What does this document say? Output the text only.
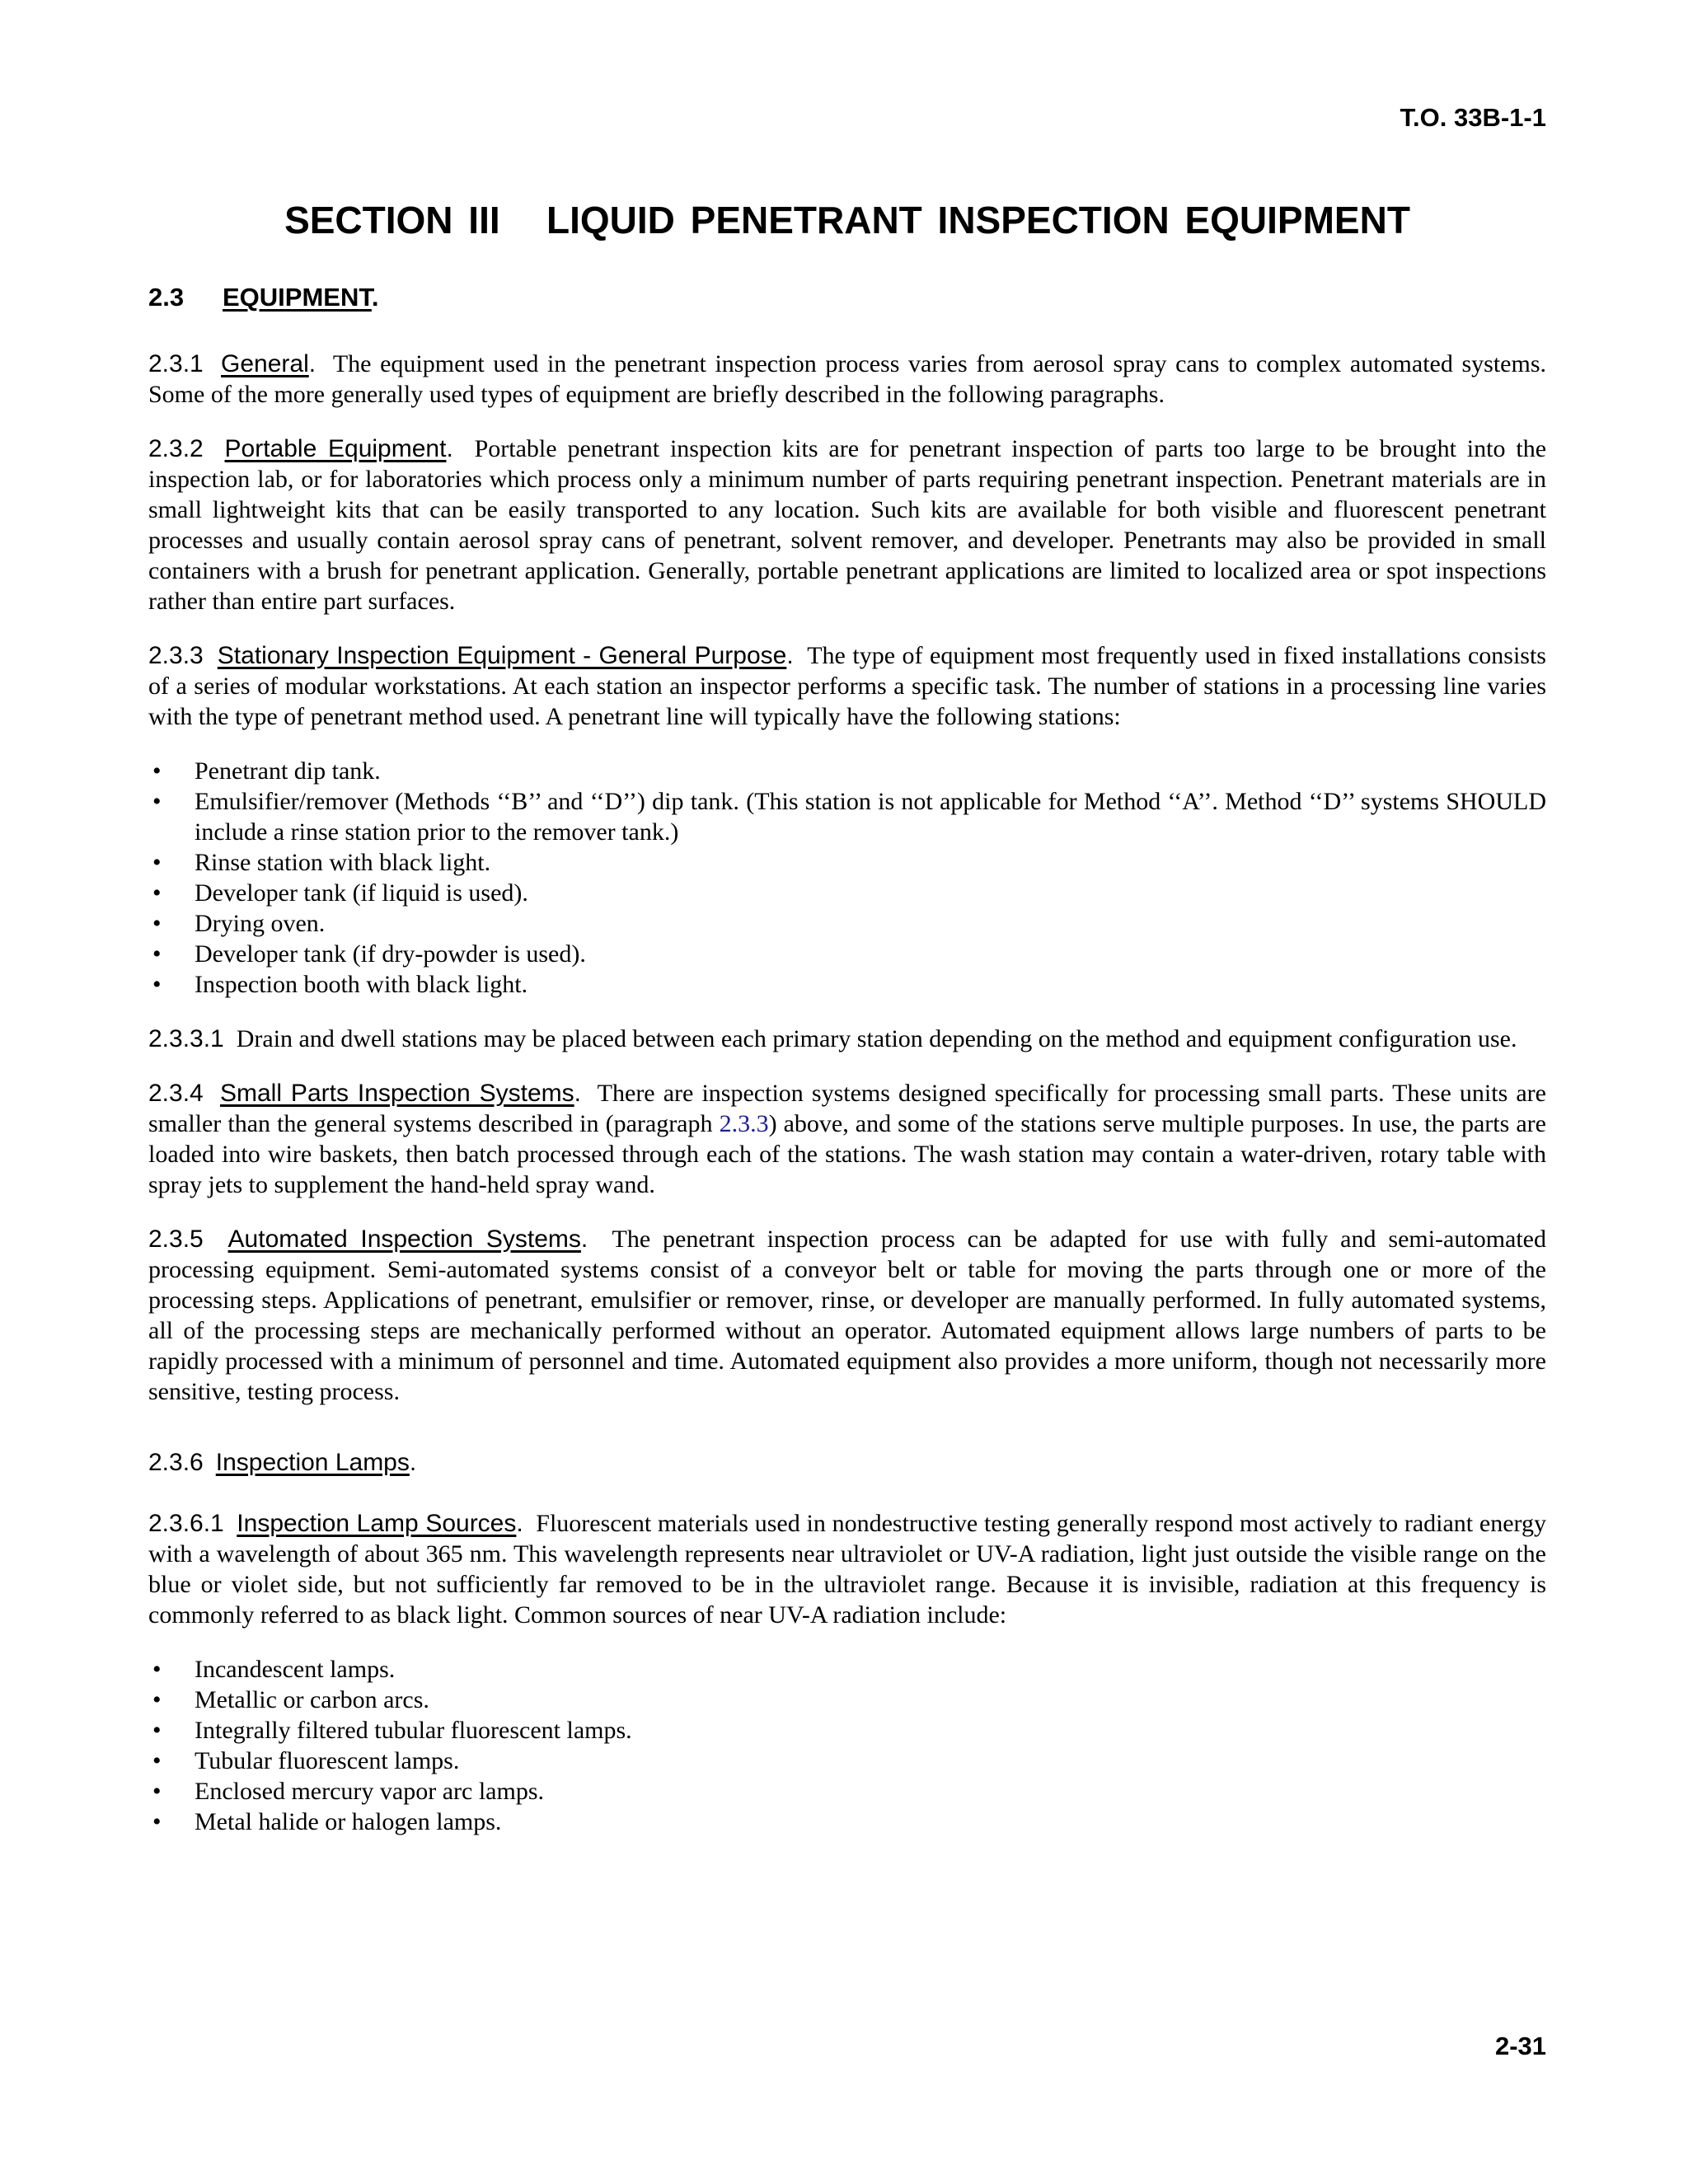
T.O. 33B-1-1
SECTION III   LIQUID PENETRANT INSPECTION EQUIPMENT
2.3 EQUIPMENT.

2.3.1 General. The equipment used in the penetrant inspection process varies from aerosol spray cans to complex automated systems. Some of the more generally used types of equipment are briefly described in the following paragraphs.

2.3.2 Portable Equipment. Portable penetrant inspection kits are for penetrant inspection of parts too large to be brought into the inspection lab, or for laboratories which process only a minimum number of parts requiring penetrant inspection. Penetrant materials are in small lightweight kits that can be easily transported to any location. Such kits are available for both visible and fluorescent penetrant processes and usually contain aerosol spray cans of penetrant, solvent remover, and developer. Penetrants may also be provided in small containers with a brush for penetrant application. Generally, portable penetrant applications are limited to localized area or spot inspections rather than entire part surfaces.

2.3.3 Stationary Inspection Equipment - General Purpose. The type of equipment most frequently used in fixed installations consists of a series of modular workstations. At each station an inspector performs a specific task. The number of stations in a processing line varies with the type of penetrant method used. A penetrant line will typically have the following stations:

• Penetrant dip tank.
• Emulsifier/remover (Methods ‘‘B’’ and ‘‘D’’) dip tank. (This station is not applicable for Method ‘‘A’’. Method ‘‘D’’ systems SHOULD include a rinse station prior to the remover tank.)
• Rinse station with black light.
• Developer tank (if liquid is used).
• Drying oven.
• Developer tank (if dry-powder is used).
• Inspection booth with black light.

2.3.3.1 Drain and dwell stations may be placed between each primary station depending on the method and equipment configuration use.

2.3.4 Small Parts Inspection Systems. There are inspection systems designed specifically for processing small parts. These units are smaller than the general systems described in (paragraph 2.3.3) above, and some of the stations serve multiple purposes. In use, the parts are loaded into wire baskets, then batch processed through each of the stations. The wash station may contain a water-driven, rotary table with spray jets to supplement the hand-held spray wand.

2.3.5 Automated Inspection Systems. The penetrant inspection process can be adapted for use with fully and semi-automated processing equipment. Semi-automated systems consist of a conveyor belt or table for moving the parts through one or more of the processing steps. Applications of penetrant, emulsifier or remover, rinse, or developer are manually performed. In fully automated systems, all of the processing steps are mechanically performed without an operator. Automated equipment allows large numbers of parts to be rapidly processed with a minimum of personnel and time. Automated equipment also provides a more uniform, though not necessarily more sensitive, testing process.

2.3.6 Inspection Lamps.

2.3.6.1 Inspection Lamp Sources. Fluorescent materials used in nondestructive testing generally respond most actively to radiant energy with a wavelength of about 365 nm. This wavelength represents near ultraviolet or UV-A radiation, light just outside the visible range on the blue or violet side, but not sufficiently far removed to be in the ultraviolet range. Because it is invisible, radiation at this frequency is commonly referred to as black light. Common sources of near UV-A radiation include:

• Incandescent lamps.
• Metallic or carbon arcs.
• Integrally filtered tubular fluorescent lamps.
• Tubular fluorescent lamps.
• Enclosed mercury vapor arc lamps.
• Metal halide or halogen lamps.
2-31
